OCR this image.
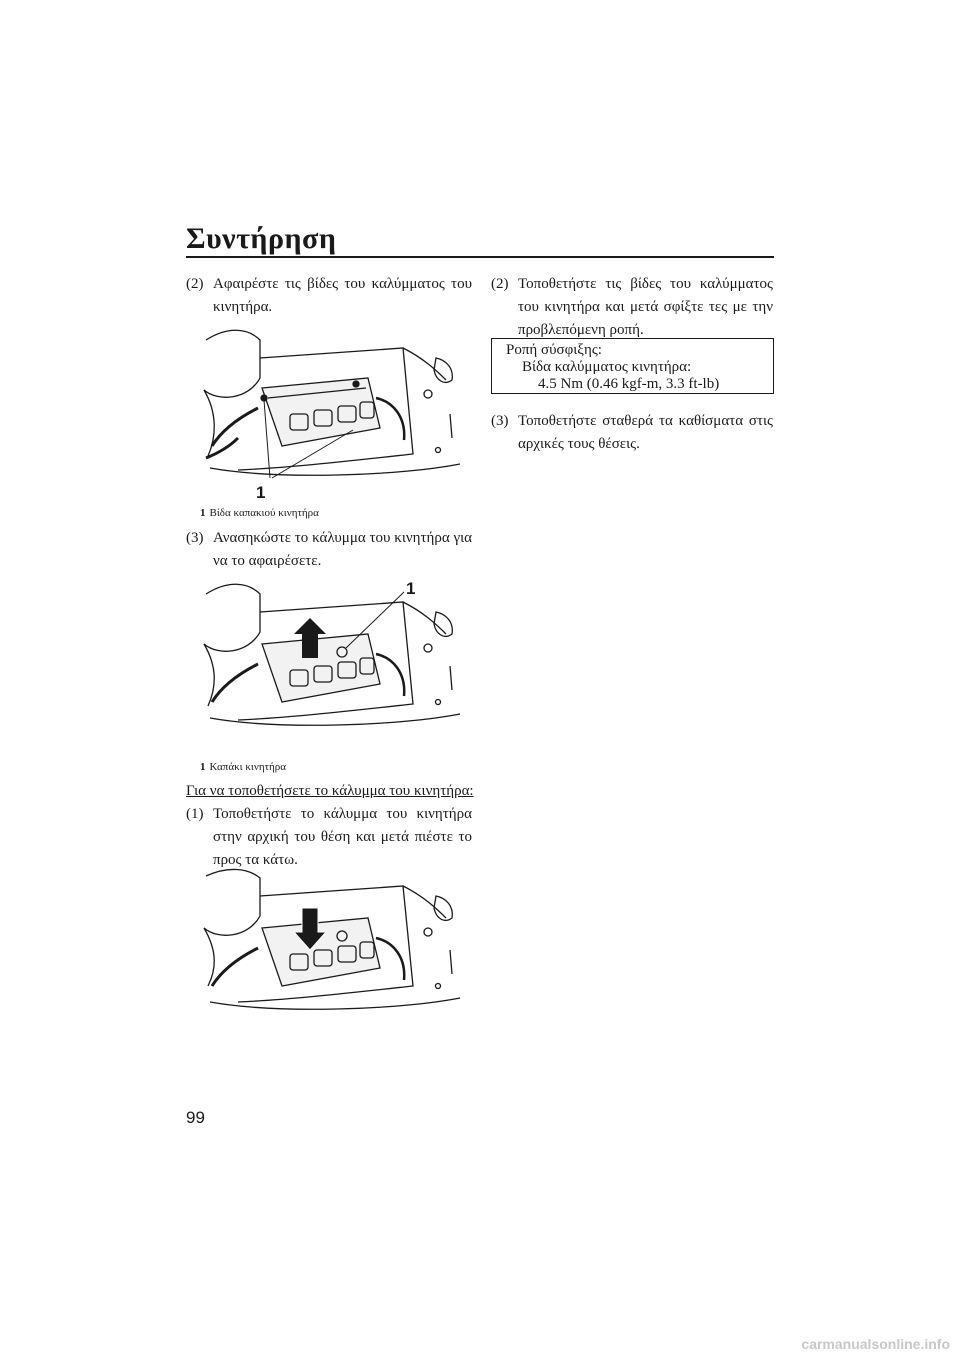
Συντήρηση
(2) Αφαιρέστε τις βίδες του καλύμματος του κινητήρα.
1
1 Βίδα καπακιού κινητήρα
(3) Ανασηκώστε το κάλυμμα του κινητήρα για να το αφαιρέσετε.
1
1 Καπάκι κινητήρα
Για να τοποθετήσετε το κάλυμμα του κινητήρα:
(1) Τοποθετήστε το κάλυμμα του κινητήρα στην αρχική του θέση και μετά πιέστε το προς τα κάτω.
(2) Τοποθετήστε τις βίδες του καλύμματος του κινητήρα και μετά σφίξτε τες με την προβλεπόμενη ροπή.
Ροπή σύσφιξης:
Βίδα καλύμματος κινητήρα:
4.5 Nm (0.46 kgf-m, 3.3 ft-lb)
(3) Τοποθετήστε σταθερά τα καθίσματα στις αρχικές τους θέσεις.
99
carmanualsonline.info
